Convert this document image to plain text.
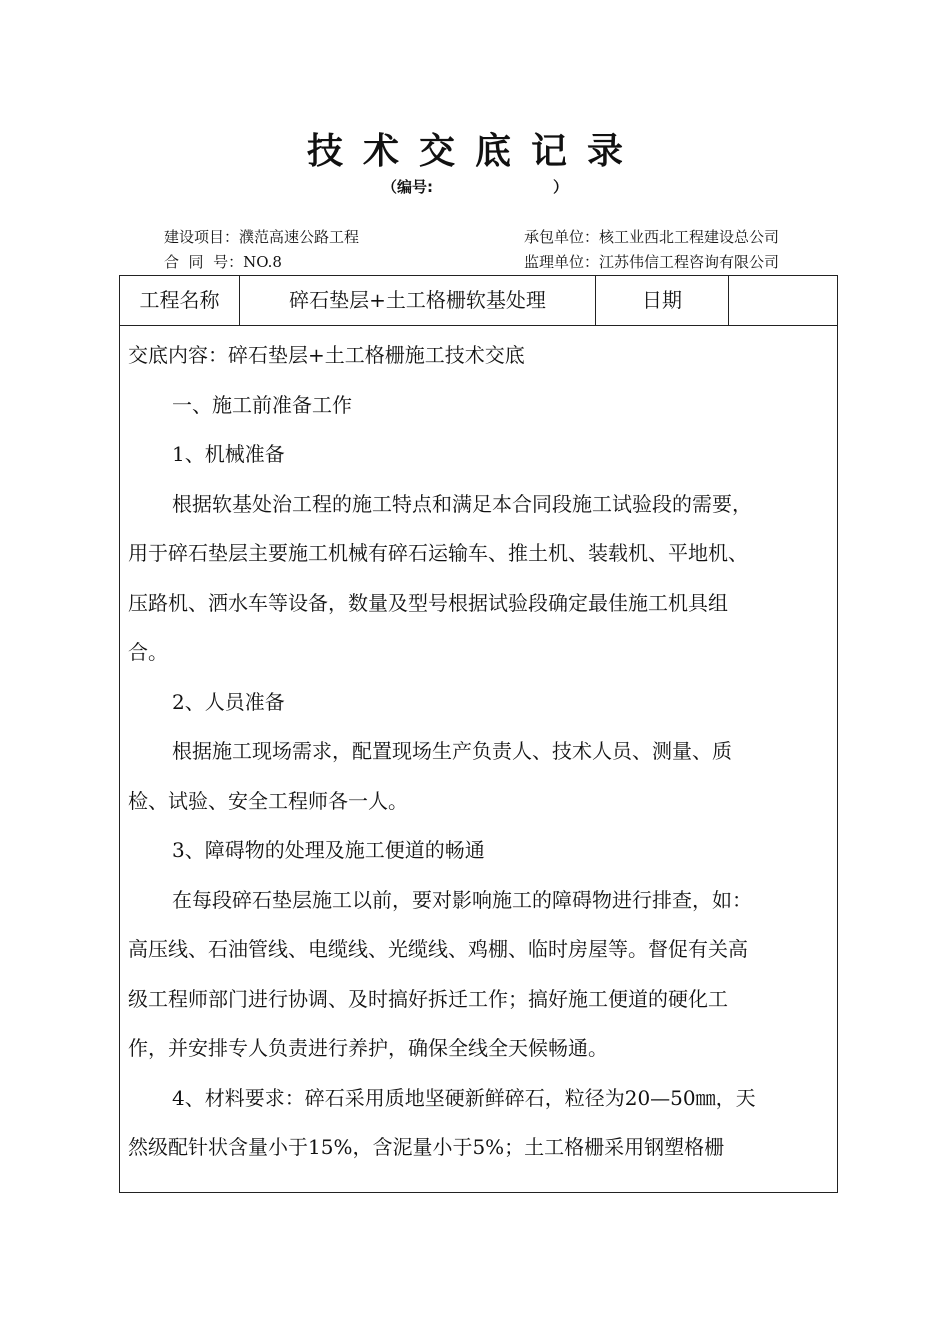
技术交底记录
（编号:	）
建设项目：濮范高速公路工程	承包单位：核工业西北工程建设总公司
合  同  号：NO.8	监理单位：江苏伟信工程咨询有限公司
工程名称	碎石垫层+土工格栅软基处理	日期
交底内容：碎石垫层+土工格栅施工技术交底
一、施工前准备工作
1、机械准备
根据软基处治工程的施工特点和满足本合同段施工试验段的需要，
用于碎石垫层主要施工机械有碎石运输车、推土机、装载机、平地机、
压路机、洒水车等设备，数量及型号根据试验段确定最佳施工机具组
合。
2、人员准备
根据施工现场需求，配置现场生产负责人、技术人员、测量、质
检、试验、安全工程师各一人。
3、障碍物的处理及施工便道的畅通
在每段碎石垫层施工以前，要对影响施工的障碍物进行排查，如：
高压线、石油管线、电缆线、光缆线、鸡棚、临时房屋等。督促有关高
级工程师部门进行协调、及时搞好拆迁工作；搞好施工便道的硬化工
作，并安排专人负责进行养护，确保全线全天候畅通。
4、材料要求：碎石采用质地坚硬新鲜碎石，粒径为20—50㎜，天
然级配针状含量小于15%，含泥量小于5%；土工格栅采用钢塑格栅
